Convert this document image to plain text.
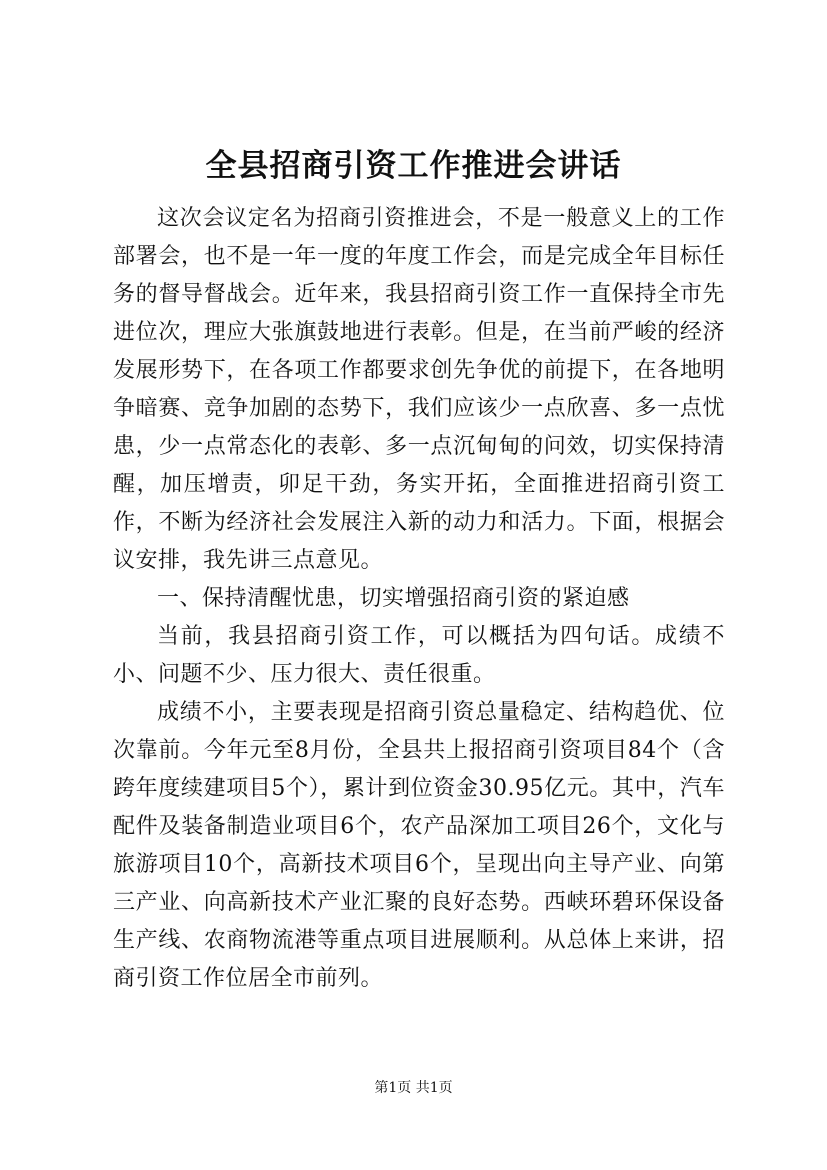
全县招商引资工作推进会讲话

这次会议定名为招商引资推进会，不是一般意义上的工作部署会，也不是一年一度的年度工作会，而是完成全年目标任务的督导督战会。近年来，我县招商引资工作一直保持全市先进位次，理应大张旗鼓地进行表彰。但是，在当前严峻的经济发展形势下，在各项工作都要求创先争优的前提下，在各地明争暗赛、竞争加剧的态势下，我们应该少一点欣喜、多一点忧患，少一点常态化的表彰、多一点沉甸甸的问效，切实保持清醒，加压增责，卯足干劲，务实开拓，全面推进招商引资工作，不断为经济社会发展注入新的动力和活力。下面，根据会议安排，我先讲三点意见。

一、保持清醒忧患，切实增强招商引资的紧迫感

当前，我县招商引资工作，可以概括为四句话。成绩不小、问题不少、压力很大、责任很重。

成绩不小，主要表现是招商引资总量稳定、结构趋优、位次靠前。今年元至8月份，全县共上报招商引资项目84个（含跨年度续建项目5个），累计到位资金30.95亿元。其中，汽车配件及装备制造业项目6个，农产品深加工项目26个，文化与旅游项目10个，高新技术项目6个，呈现出向主导产业、向第三产业、向高新技术产业汇聚的良好态势。西峡环碧环保设备生产线、农商物流港等重点项目进展顺利。从总体上来讲，招商引资工作位居全市前列。

第1页 共1页
